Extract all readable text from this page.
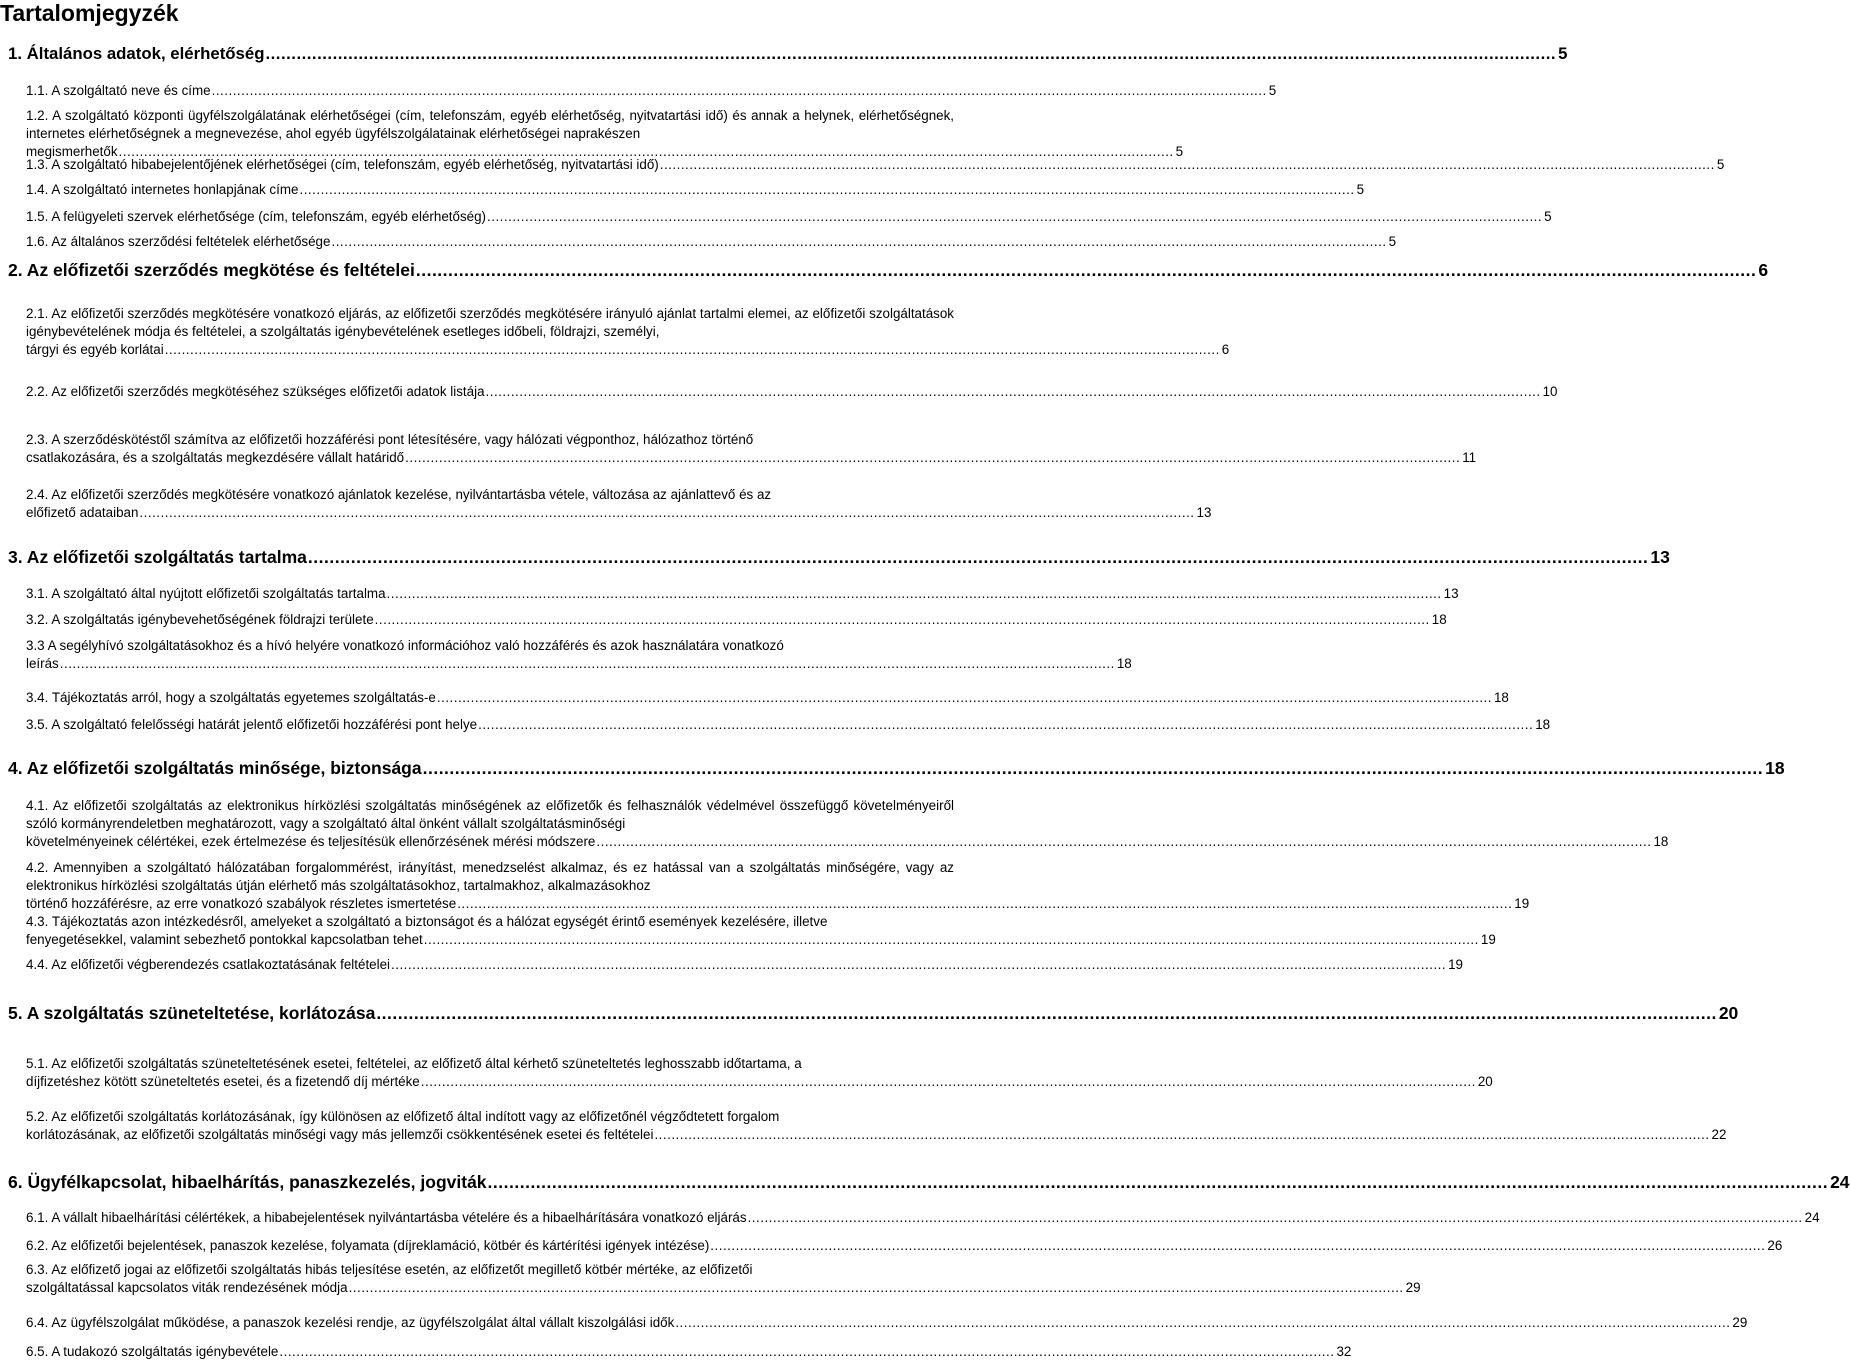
Tartalomjegyzék
1. Általános adatok, elérhetőség .......................................................................................................................................................................................................................................................... 5
1.1. A szolgáltató neve és címe .......................................................................................................................................................................................................................................................... 5
1.2. A szolgáltató központi ügyfélszolgálatának elérhetőségei (cím, telefonszám, egyéb elérhetőség, nyitvatartási idő) és annak a helynek, elérhetőségnek, internetes elérhetőségnek a megnevezése, ahol egyéb ügyfélszolgálatainak elérhetőségei naprakészen
megismerhetők .......................................................................................................................................................................................................................................................... 5
1.3. A szolgáltató hibabejelentőjének elérhetőségei (cím, telefonszám, egyéb elérhetőség, nyitvatartási idő) .......................................................................................................................................................................................................................................................... 5
1.4. A szolgáltató internetes honlapjának címe .......................................................................................................................................................................................................................................................... 5
1.5. A felügyeleti szervek elérhetősége (cím, telefonszám, egyéb elérhetőség) .......................................................................................................................................................................................................................................................... 5
1.6. Az általános szerződési feltételek elérhetősége .......................................................................................................................................................................................................................................................... 5
2. Az előfizetői szerződés megkötése és feltételei .......................................................................................................................................................................................................................................................... 6
2.1. Az előfizetői szerződés megkötésére vonatkozó eljárás, az előfizetői szerződés megkötésére irányuló ajánlat tartalmi elemei, az előfizetői szolgáltatások igénybevételének módja és feltételei, a szolgáltatás igénybevételének esetleges időbeli, földrajzi, személyi,
tárgyi és egyéb korlátai .......................................................................................................................................................................................................................................................... 6
2.2. Az előfizetői szerződés megkötéséhez szükséges előfizetői adatok listája .......................................................................................................................................................................................................................................................... 10
2.3. A szerződéskötéstől számítva az előfizetői hozzáférési pont létesítésére, vagy hálózati végponthoz, hálózathoz történő
csatlakozására, és a szolgáltatás megkezdésére vállalt határidő .......................................................................................................................................................................................................................................................... 11
2.4. Az előfizetői szerződés megkötésére vonatkozó ajánlatok kezelése, nyilvántartásba vétele, változása az ajánlattevő és az
előfizető adataiban .......................................................................................................................................................................................................................................................... 13
3. Az előfizetői szolgáltatás tartalma .......................................................................................................................................................................................................................................................... 13
3.1. A szolgáltató által nyújtott előfizetői szolgáltatás tartalma .......................................................................................................................................................................................................................................................... 13
3.2. A szolgáltatás igénybevehetőségének földrajzi területe .......................................................................................................................................................................................................................................................... 18
3.3 A segélyhívó szolgáltatásokhoz és a hívó helyére vonatkozó információhoz való hozzáférés és azok használatára vonatkozó
leírás .......................................................................................................................................................................................................................................................... 18
3.4. Tájékoztatás arról, hogy a szolgáltatás egyetemes szolgáltatás-e .......................................................................................................................................................................................................................................................... 18
3.5. A szolgáltató felelősségi határát jelentő előfizetői hozzáférési pont helye .......................................................................................................................................................................................................................................................... 18
4. Az előfizetői szolgáltatás minősége, biztonsága .......................................................................................................................................................................................................................................................... 18
4.1. Az előfizetői szolgáltatás az elektronikus hírközlési szolgáltatás minőségének az előfizetők és felhasználók védelmével összefüggő követelményeiről szóló kormányrendeletben meghatározott, vagy a szolgáltató által önként vállalt szolgáltatásminőségi
követelményeinek célértékei, ezek értelmezése és teljesítésük ellenőrzésének mérési módszere .......................................................................................................................................................................................................................................................... 18
4.2. Amennyiben a szolgáltató hálózatában forgalommérést, irányítást, menedzselést alkalmaz, és ez hatással van a szolgáltatás minőségére, vagy az elektronikus hírközlési szolgáltatás útján elérhető más szolgáltatásokhoz, tartalmakhoz, alkalmazásokhoz
történő hozzáférésre, az erre vonatkozó szabályok részletes ismertetése .......................................................................................................................................................................................................................................................... 19
4.3. Tájékoztatás azon intézkedésről, amelyeket a szolgáltató a biztonságot és a hálózat egységét érintő események kezelésére, illetve
fenyegetésekkel, valamint sebezhető pontokkal kapcsolatban tehet .......................................................................................................................................................................................................................................................... 19
4.4. Az előfizetői végberendezés csatlakoztatásának feltételei .......................................................................................................................................................................................................................................................... 19
5. A szolgáltatás szüneteltetése, korlátozása .......................................................................................................................................................................................................................................................... 20
5.1. Az előfizetői szolgáltatás szüneteltetésének esetei, feltételei, az előfizető által kérhető szüneteltetés leghosszabb időtartama, a
díjfizetéshez kötött szüneteltetés esetei, és a fizetendő díj mértéke .......................................................................................................................................................................................................................................................... 20
5.2. Az előfizetői szolgáltatás korlátozásának, így különösen az előfizető által indított vagy az előfizetőnél végződtetett forgalom
korlátozásának, az előfizetői szolgáltatás minőségi vagy más jellemzői csökkentésének esetei és feltételei .......................................................................................................................................................................................................................................................... 22
6. Ügyfélkapcsolat, hibaelhárítás, panaszkezelés, jogviták .......................................................................................................................................................................................................................................................... 24
6.1. A vállalt hibaelhárítási célértékek, a hibabejelentések nyilvántartásba vételére és a hibaelhárítására vonatkozó eljárás .......................................................................................................................................................................................................................................................... 24
6.2. Az előfizetői bejelentések, panaszok kezelése, folyamata (díjreklamáció, kötbér és kártérítési igények intézése) .......................................................................................................................................................................................................................................................... 26
6.3. Az előfizető jogai az előfizetői szolgáltatás hibás teljesítése esetén, az előfizetőt megillető kötbér mértéke, az előfizetői
szolgáltatással kapcsolatos viták rendezésének módja .......................................................................................................................................................................................................................................................... 29
6.4. Az ügyfélszolgálat működése, a panaszok kezelési rendje, az ügyfélszolgálat által vállalt kiszolgálási idők .......................................................................................................................................................................................................................................................... 29
6.5. A tudakozó szolgáltatás igénybevétele .......................................................................................................................................................................................................................................................... 32
